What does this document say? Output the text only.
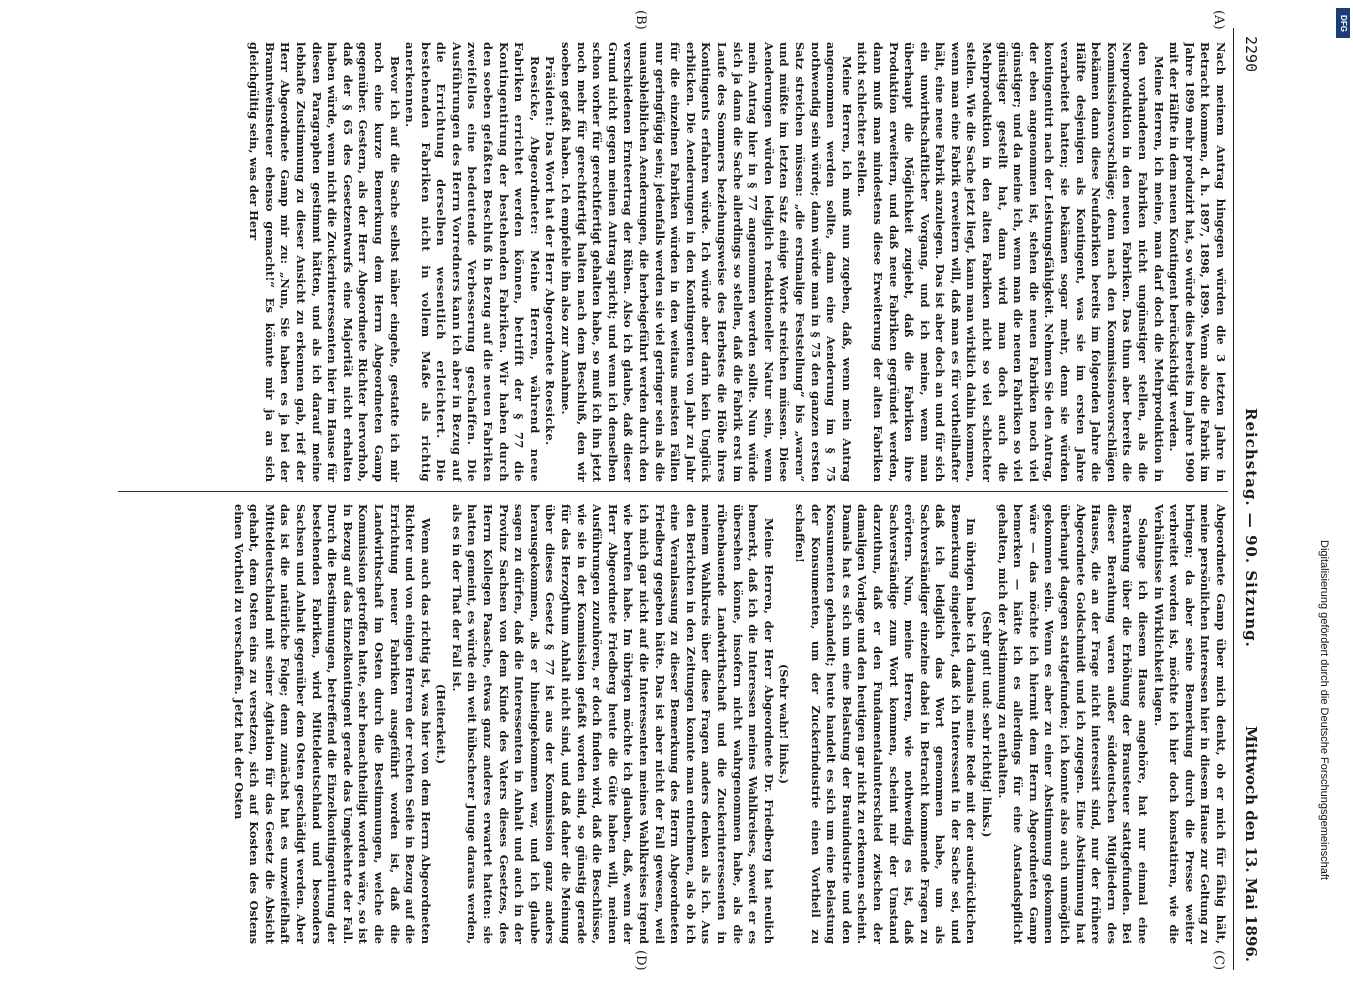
2290
Reichstag. — 90. Sitzung.
Mittwoch den 13. Mai 1896.
(A)
(B)
(C)
(D)

Nach meinem Antrag hingegen würden die 3 letzten Jahre in Betracht kommen, d. h. 1897, 1898, 1899. Wenn also die Fabrik im Jahre 1899 mehr produzirt hat, so würde dies bereits im Jahre 1900 mit der Hälfte in dem neuen Kontingent berücksichtigt werden.

Meine Herren, ich meine, man darf doch die Mehrproduktion in den vorhandenen Fabriken nicht ungünstiger stellen, als die Neuproduktion in den neuen Fabriken. Das thun aber bereits die Kommissionsvorschläge; denn nach den Kommissionsvorschlägen bekämen dann diese Neufabriken bereits im folgenden Jahre die Hälfte desjenigen als Kontingent, was sie im ersten Jahre verarbeitet hatten; sie bekämen sogar mehr, denn sie würden kontingentirt nach der Leistungsfähigkeit. Nehmen Sie den Antrag, der eben angenommen ist, stehen die neuen Fabriken noch viel günstiger; und da meine ich, wenn man die neuen Fabriken so viel günstiger gestellt hat, dann wird man doch auch die Mehrproduktion in den alten Fabriken nicht so viel schlechter stellen. Wie die Sache jetzt liegt, kann man wirklich dahin kommen, wenn man eine Fabrik erweitern will, daß man es für vortheilhafter hält, eine neue Fabrik anzulegen. Das ist aber doch an und für sich ein unwirthschaftlicher Vorgang, und ich meine, wenn man überhaupt die Möglichkeit zugiebt, daß die Fabriken ihre Produktion erweitern, und daß neue Fabriken gegründet werden, dann muß man mindestens diese Erweiterung der alten Fabriken nicht schlechter stellen.

Meine Herren, ich muß nun zugeben, daß, wenn mein Antrag angenommen werden sollte, dann eine Aenderung im § 75 nothwendig sein würde; dann würde man in § 75 den ganzen ersten Satz streichen müssen: „die erstmalige Feststellung“ bis „waren“ und müßte im letzten Satz einige Worte streichen müssen. Diese Aenderungen würden lediglich redaktioneller Natur sein, wenn mein Antrag hier in § 77 angenommen werden sollte. Nun würde sich ja dann die Sache allerdings so stellen, daß die Fabrik erst im Laufe des Sommers beziehungsweise des Herbstes die Höhe ihres Kontingents erfahren würde. Ich würde aber darin kein Unglück erblicken. Die Aenderungen in den Kontingenten von Jahr zu Jahr für die einzelnen Fabriken würden in den weitaus meisten Fällen nur geringfügig sein; jedenfalls werden sie viel geringer sein als die unausbleiblichen Aenderungen, die herbeigeführt werden durch den verschiedenen Ernteertrag der Rüben. Also ich glaube, daß dieser Grund nicht gegen meinen Antrag spricht; und wenn ich denselben schon vorher für gerechtfertigt gehalten habe, so muß ich ihn jetzt noch mehr für gerechtfertigt halten nach dem Beschluß, den wir soeben gefaßt haben. Ich empfehle ihn also zur Annahme.

Präsident: Das Wort hat der Herr Abgeordnete Roesicke.

Roesicke, Abgeordneter: Meine Herren, während neue Fabriken errichtet werden können, betrifft der § 77 die Kontingentirung der bestehenden Fabriken. Wir haben durch den soeben gefaßten Beschluß in Bezug auf die neuen Fabriken zweifellos eine bedeutende Verbesserung geschaffen. Die Ausführungen des Herrn Vorredners kann ich aber in Bezug auf die Errichtung derselben wesentlich erleichtert. Die bestehenden Fabriken nicht in vollem Maße als richtig anerkennen.

Bevor ich auf die Sache selbst näher eingehe, gestatte ich mir noch eine kurze Bemerkung dem Herrn Abgeordneten Gamp gegenüber. Gestern, als der Herr Abgeordnete Richter hervorhob, daß der § 65 des Gesetzentwurfs eine Majorität nicht erhalten haben würde, wenn nicht die Zuckerinteressenten hier im Hause für diesen Paragraphen gestimmt hätten, und als ich darauf meine lebhafte Zustimmung zu dieser Ansicht zu erkennen gab, rief der Herr Abgeordnete Gamp mir zu: „Nun, Sie haben es ja bei der Branntweinsteuer ebenso gemacht!“ Es könnte mir ja an sich gleichgültig sein, was der Herr

Abgeordnete Gamp über mich denkt, ob er mich für fähig hält, meine persönlichen Interessen hier in diesem Hause zur Geltung zu bringen; da aber seine Bemerkung durch die Presse weiter verbreitet worden ist, möchte ich hier doch konstatiren, wie die Verhältnisse in Wirklichkeit lagen.

Solange ich diesem Hause angehöre, hat nur einmal eine Berathung über die Erhöhung der Brausteuer stattgefunden. Bei dieser Berathung waren außer süddeutschen Mitgliedern des Hauses, die an der Frage nicht interessirt sind, nur der frühere Abgeordnete Goldschmidt und ich zugegen. Eine Abstimmung hat überhaupt dagegen stattgefunden; ich konnte also auch unmöglich gekommen sein. Wenn es aber zu einer Abstimmung gekommen wäre — das möchte ich hiermit dem Herrn Abgeordneten Gamp bemerken — hätte ich es allerdings für eine Anstandspflicht gehalten, mich der Abstimmung zu enthalten.

(Sehr gut! und: sehr richtig! links.)

Im übrigen habe ich damals meine Rede mit der ausdrücklichen Bemerkung eingeleitet, daß ich Interessent in der Sache sei, und daß ich lediglich das Wort genommen habe, um als Sachverständiger einzelne dabei in Betracht kommende Fragen zu erörtern. Nun, meine Herren, wie nothwendig es ist, daß Sachverständige zum Wort kommen, scheint mir der Umstand darzuthun, daß er den Fundamentalunterschied zwischen der damaligen Vorlage und den heutigen gar nicht zu erkennen scheint. Damals hat es sich um eine Belastung der Brauindustrie und den Konsumenten gehandelt; heute handelt es sich um eine Belastung der Konsumenten, um der Zuckerindustrie einen Vortheil zu schaffen!

(Sehr wahr! links.)

Meine Herren, der Herr Abgeordnete Dr. Friedberg hat neulich bemerkt, daß ich die Interessen meines Wahlkreises, soweit er es übersehen könne, insofern nicht wahrgenommen habe, als die rübenbauende Landwirthschaft und die Zuckerinteressenten in meinem Wahlkreis über diese Fragen anders denken als ich. Aus den Berichten in den Zeitungen konnte man entnehmen, als ob ich eine Veranlassung zu dieser Bemerkung des Herrn Abgeordneten Friedberg gegeben hätte. Das ist aber nicht der Fall gewesen, weil ich mich gar nicht auf die Interessenten meines Wahlkreises irgend wie berufen habe. Im übrigen möchte ich glauben, daß, wenn der Herr Abgeordnete Friedberg heute die Güte haben will, meinen Ausführungen zuzuhören, er doch finden wird, daß die Beschlüsse, wie sie in der Kommission gefaßt worden sind, so günstig gerade für das Herzogthum Anhalt nicht sind, und daß daher die Meinung über dieses Gesetz § 77 ist aus der Kommission ganz anders herausgekommen, als er hineingekommen war, und ich glaube sagen zu dürfen, daß die Interessenten in Anhalt und auch in der Provinz Sachsen von dem Kinde des Vaters dieses Gesetzes, des Herrn Kollegen Paasche, etwas ganz anderes erwartet hatten: sie hatten gemeint, es würde ein weit hübscherer Junge daraus werden, als es in der That der Fall ist.

(Heiterkeit.)

Wenn auch das richtig ist, was hier von dem Herrn Abgeordneten Richter und von einigen Herren der rechten Seite in Bezug auf die Errichtung neuer Fabriken ausgeführt worden ist, daß die Landwirthschaft im Osten durch die Bestimmungen, welche die Kommission getroffen hatte, sehr benachtheiligt worden wäre, so ist in Bezug auf das Einzelkontingent gerade das Umgekehrte der Fall. Durch die Bestimmungen, betreffend die Einzelkontingentirung der bestehenden Fabriken, wird Mitteldeutschland und besonders Sachsen und Anhalt gegenüber dem Osten geschädigt werden. Aber das ist die natürliche Folge; denn zunächst hat es unzweifelhaft Mitteldeutschland mit seiner Agitation für das Gesetz die Absicht gehabt, dem Osten eins zu versetzen, sich auf Kosten des Ostens einen Vortheil zu verschaffen. Jetzt hat der Osten

DFG
Digitalisierung gefördert durch die Deutsche Forschungsgemeinschaft
